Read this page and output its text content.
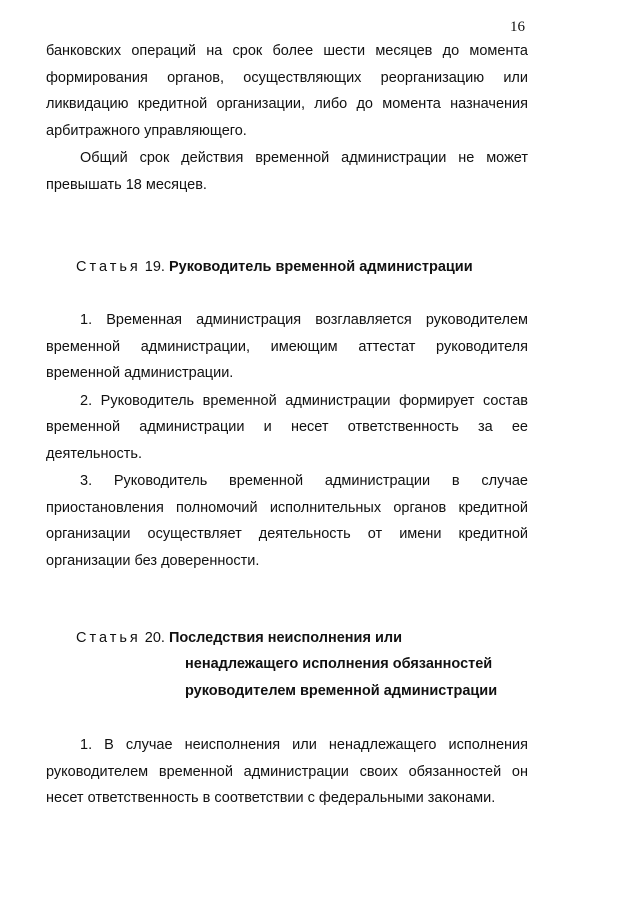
16

банковских операций на срок более шести месяцев до момента формирования органов, осуществляющих реорганизацию или ликвидацию кредитной организации, либо до момента назначения арбитражного управляющего.

Общий срок действия временной администрации не может превышать 18 месяцев.

Статья 19. Руководитель временной администрации

1. Временная администрация возглавляется руководителем временной администрации, имеющим аттестат руководителя временной администрации.

2. Руководитель временной администрации формирует состав временной администрации и несет ответственность за ее деятельность.

3. Руководитель временной администрации в случае приостановления полномочий исполнительных органов кредитной организации осуществляет деятельность от имени кредитной организации без доверенности.

Статья 20. Последствия неисполнения или
ненадлежащего исполнения обязанностей
руководителем временной администрации

1. В случае неисполнения или ненадлежащего исполнения руководителем временной администрации своих обязанностей он несет ответственность в соответствии с федеральными законами.
